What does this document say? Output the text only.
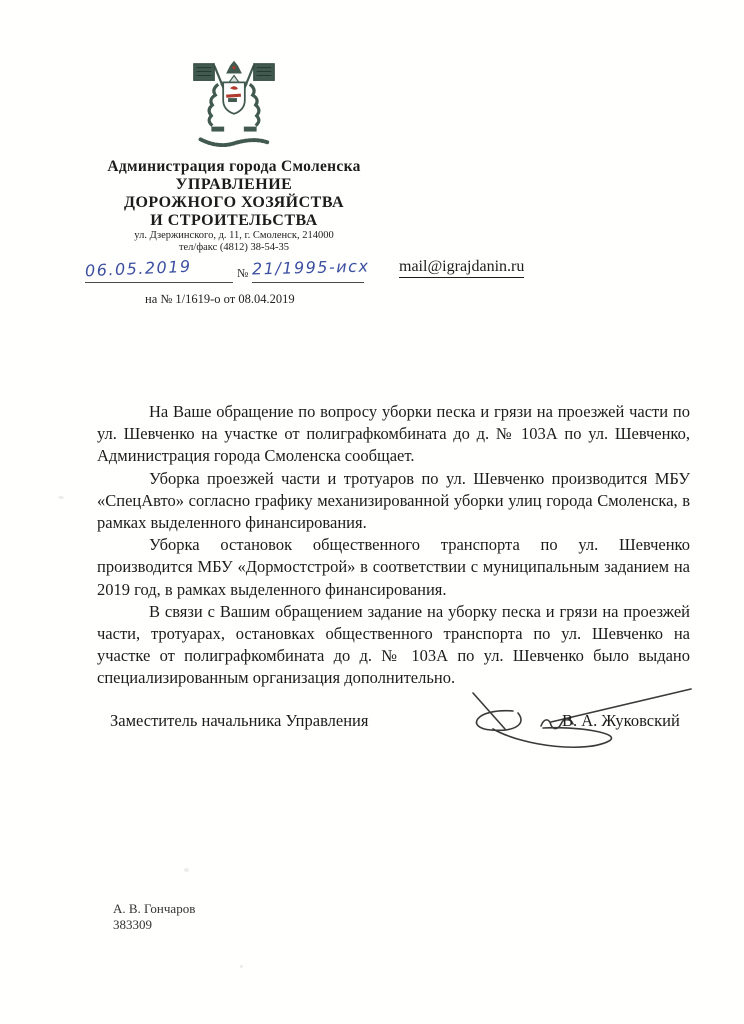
Администрация города Смоленска
УПРАВЛЕНИЕ
ДОРОЖНОГО ХОЗЯЙСТВА
И СТРОИТЕЛЬСТВА
ул. Дзержинского, д. 11, г. Смоленск, 214000
тел/факс (4812) 38-54-35
06.05.2019	№ 21/1995-исх
на № 1/1619-о от 08.04.2019
mail@igrajdanin.ru

На Ваше обращение по вопросу уборки песка и грязи на проезжей части по ул. Шевченко на участке от полиграфкомбината до д. № 103А по ул. Шевченко, Администрация города Смоленска сообщает.

Уборка проезжей части и тротуаров по ул. Шевченко производится МБУ «СпецАвто» согласно графику механизированной уборки улиц города Смоленска, в рамках выделенного финансирования.

Уборка остановок общественного транспорта по ул. Шевченко производится МБУ «Дормостстрой» в соответствии с муниципальным заданием на 2019 год, в рамках выделенного финансирования.

В связи с Вашим обращением задание на уборку песка и грязи на проезжей части, тротуарах, остановках общественного транспорта по ул. Шевченко на участке от полиграфкомбината до д. № 103А по ул. Шевченко было выдано специализированным организация дополнительно.

Заместитель начальника Управления	В. А. Жуковский
А. В. Гончаров
383309
